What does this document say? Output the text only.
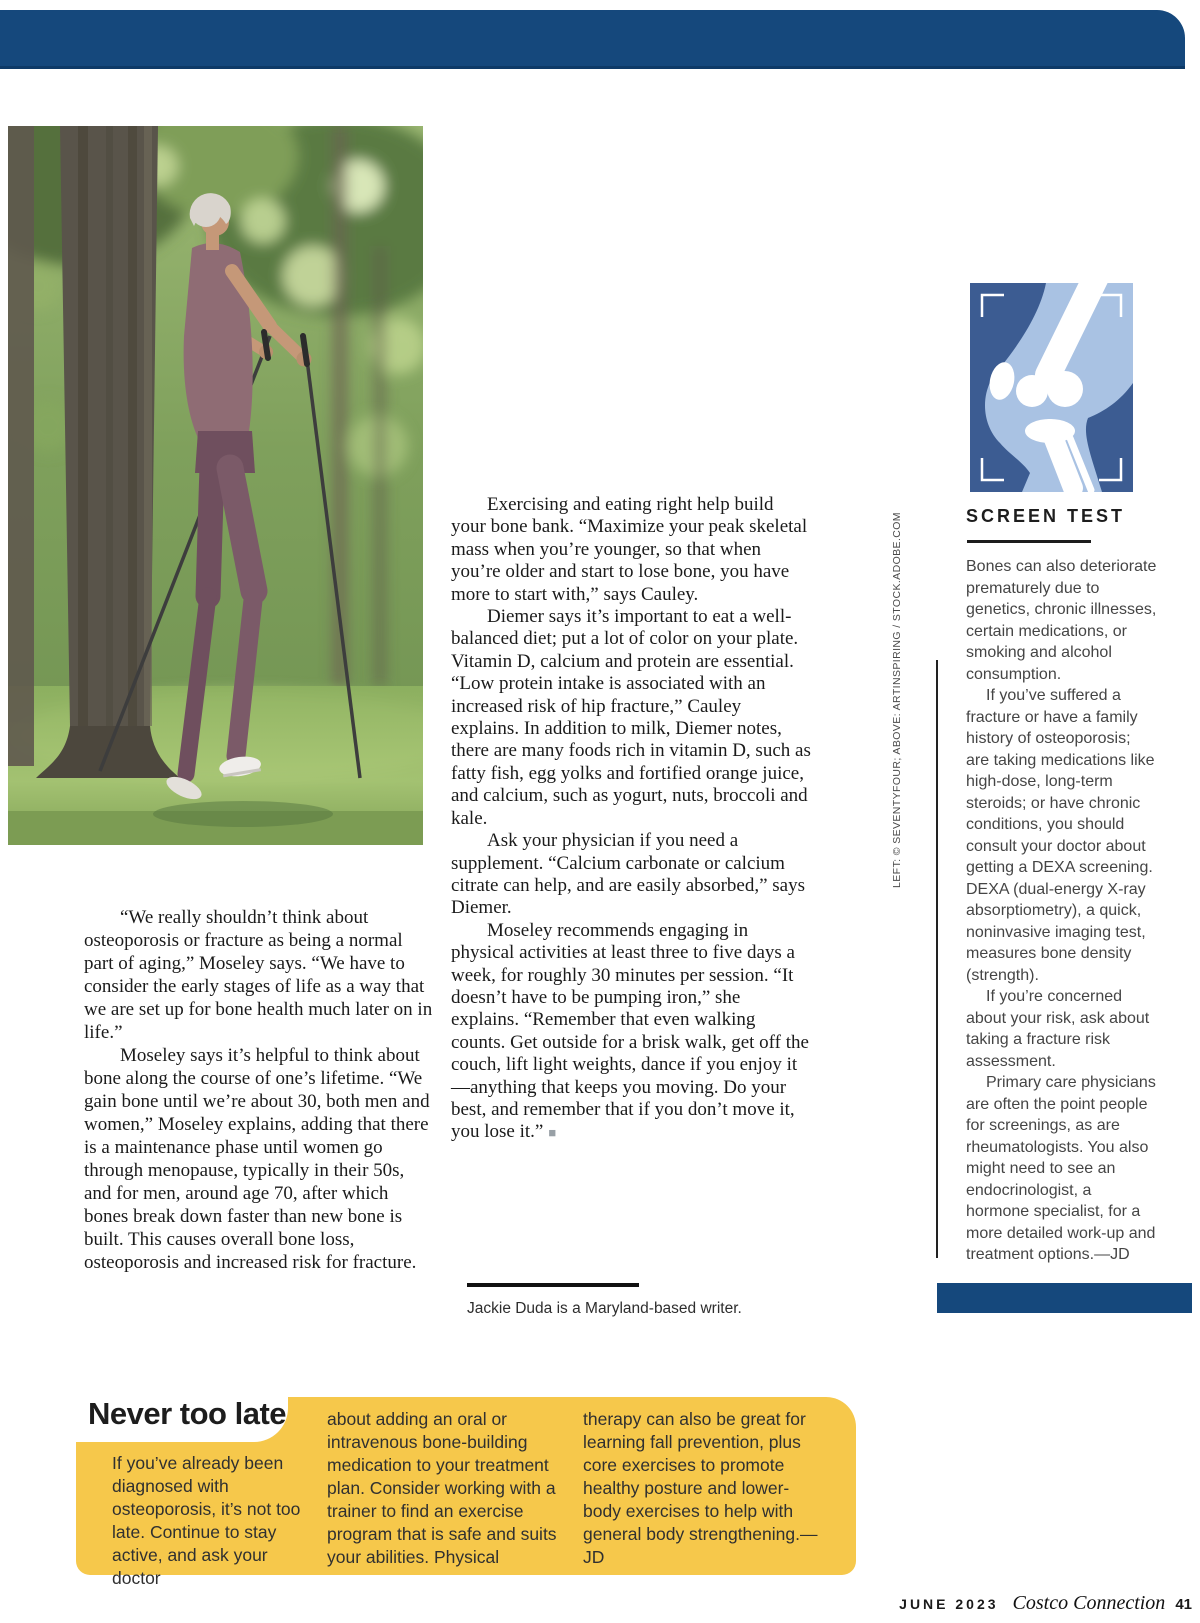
“We really shouldn’t think about osteoporosis or fracture as being a normal part of aging,” Moseley says. “We have to consider the early stages of life as a way that we are set up for bone health much later on in life.”

Moseley says it’s helpful to think about bone along the course of one’s lifetime. “We gain bone until we’re about 30, both men and women,” Moseley explains, adding that there is a maintenance phase until women go through menopause, typically in their 50s, and for men, around age 70, after which bones break down faster than new bone is built. This causes overall bone loss, osteoporosis and increased risk for fracture.

Exercising and eating right help build your bone bank. “Maximize your peak skeletal mass when you’re younger, so that when you’re older and start to lose bone, you have more to start with,” says Cauley.

Diemer says it’s important to eat a well-balanced diet; put a lot of color on your plate. Vitamin D, calcium and protein are essential. “Low protein intake is associated with an increased risk of hip fracture,” Cauley explains. In addition to milk, Diemer notes, there are many foods rich in vitamin D, such as fatty fish, egg yolks and fortified orange juice, and calcium, such as yogurt, nuts, broccoli and kale.

Ask your physician if you need a supplement. “Calcium carbonate or calcium citrate can help, and are easily absorbed,” says Diemer.

Moseley recommends engaging in physical activities at least three to five days a week, for roughly 30 minutes per session. “It doesn’t have to be pumping iron,” she explains. “Remember that even walking counts. Get outside for a brisk walk, get off the couch, lift light weights, dance if you enjoy it—anything that keeps you moving. Do your best, and remember that if you don’t move it, you lose it.” ■

Jackie Duda is a Maryland-based writer.
SCREEN TEST

Bones can also deteriorate prematurely due to genetics, chronic illnesses, certain medications, or smoking and alcohol consumption.

If you’ve suffered a fracture or have a family history of osteoporosis; are taking medications like high-dose, long-term steroids; or have chronic conditions, you should consult your doctor about getting a DEXA screening. DEXA (dual-energy X-ray absorptiometry), a quick, noninvasive imaging test, measures bone density (strength).

If you’re concerned about your risk, ask about taking a fracture risk assessment.

Primary care physicians are often the point people for screenings, as are rheumatologists. You also might need to see an endocrinologist, a hormone specialist, for a more detailed work-up and treatment options.—JD

LEFT: © SEVENTYFOUR; ABOVE: ARTINSPIRING / STOCK.ADOBE.COM
Never too late
If you’ve already been diagnosed with osteoporosis, it’s not too late. Continue to stay active, and ask your doctor
about adding an oral or intravenous bone-building medication to your treatment plan. Consider working with a trainer to find an exercise program that is safe and suits your abilities. Physical
therapy can also be great for learning fall prevention, plus core exercises to promote healthy posture and lower-body exercises to help with general body strengthening.—JD
JUNE 2023 Costco Connection 41
